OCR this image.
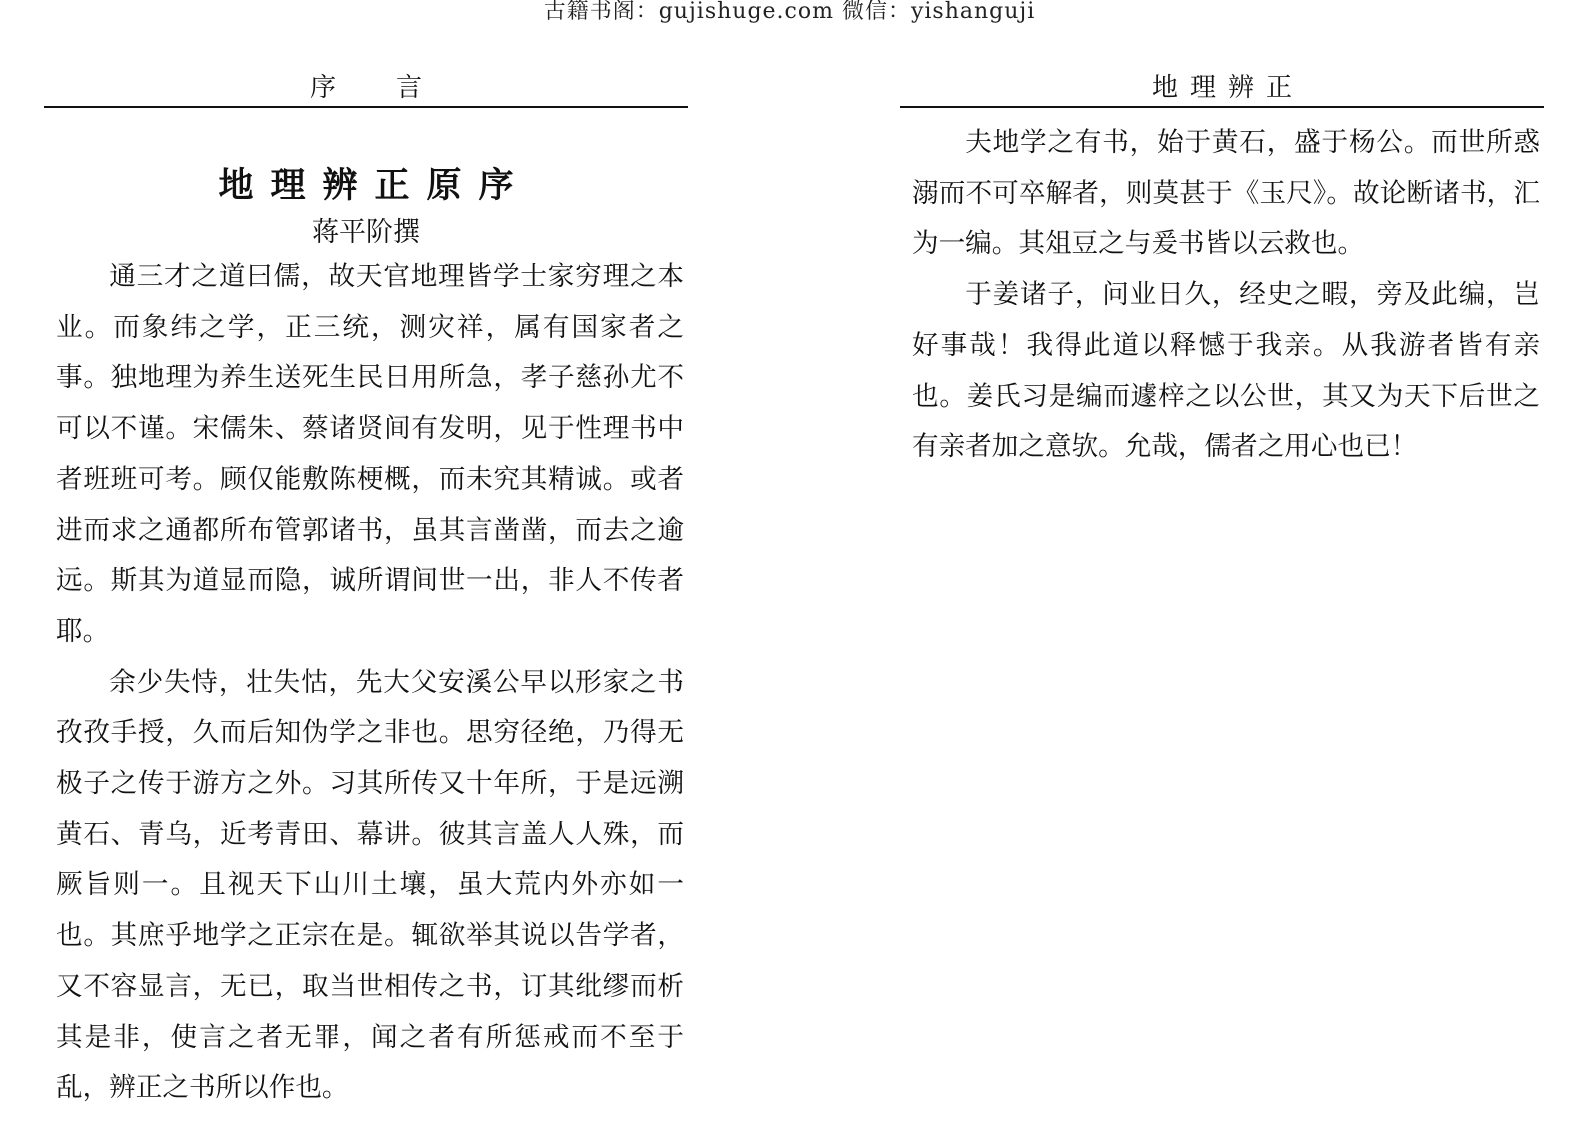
古籍书阁：gujishuge.com 微信：yishanguji
序言
地理辨正原序
蒋平阶撰

通三才之道曰儒，故天官地理皆学士家穷理之本业。而象纬之学，正三统，测灾祥，属有国家者之事。独地理为养生送死生民日用所急，孝子慈孙尤不可以不谨。宋儒朱、蔡诸贤间有发明，见于性理书中者班班可考。顾仅能敷陈梗概，而未究其精诚。或者进而求之通都所布管郭诸书，虽其言凿凿，而去之逾远。斯其为道显而隐，诚所谓间世一出，非人不传者耶。

余少失恃，壮失怙，先大父安溪公早以形家之书孜孜手授，久而后知伪学之非也。思穷径绝，乃得无极子之传于游方之外。习其所传又十年所，于是远溯黄石、青乌，近考青田、幕讲。彼其言盖人人殊，而厥旨则一。且视天下山川土壤，虽大荒内外亦如一也。其庶乎地学之正宗在是。辄欲举其说以告学者，又不容显言，无已，取当世相传之书，订其纰缪而析其是非，使言之者无罪，闻之者有所惩戒而不至于乱，辨正之书所以作也。

地理辨正

夫地学之有书，始于黄石，盛于杨公。而世所惑溺而不可卒解者，则莫甚于《玉尺》。故论断诸书，汇为一编。其俎豆之与爰书皆以云救也。

于姜诸子，问业日久，经史之暇，旁及此编，岂好事哉！我得此道以释憾于我亲。从我游者皆有亲也。姜氏习是编而遽梓之以公世，其又为天下后世之有亲者加之意欤。允哉，儒者之用心也已！
